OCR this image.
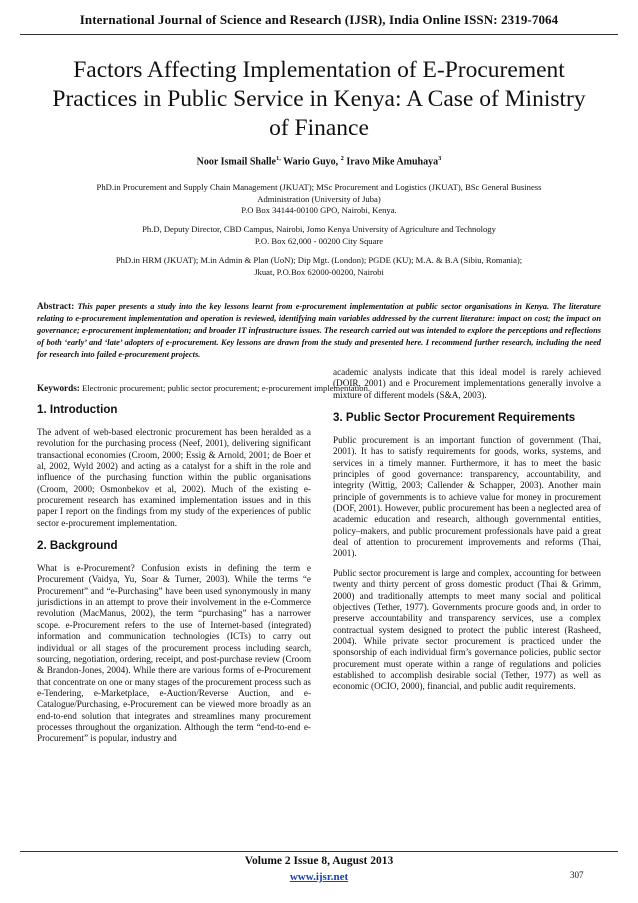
International Journal of Science and Research (IJSR), India Online ISSN: 2319-7064
Factors Affecting Implementation of E-Procurement Practices in Public Service in Kenya: A Case of Ministry of Finance
Noor Ismail Shalle$^{1,}$ Wario Guyo, $^2$ Iravo Mike Amuhaya$^3$
PhD.in Procurement and Supply Chain Management (JKUAT); MSc Procurement and Logistics (JKUAT), BSc General Business
Administration (University of Juba)
P.O Box 34144-00100 GPO, Nairobi, Kenya.
Ph.D, Deputy Director, CBD Campus, Nairobi, Jomo Kenya University of Agriculture and Technology
P.O. Box 62,000 - 00200 City Square
PhD.in HRM (JKUAT); M.in Admin & Plan (UoN); Dip Mgt. (London); PGDE (KU); M.A. & B.A (Sibiu, Romania);
Jkuat, P.O.Box 62000-00200, Nairobi
Abstract: This paper presents a study into the key lessons learnt from e-procurement implementation at public sector organisations in Kenya. The literature relating to e-procurement implementation and operation is reviewed, identifying main variables addressed by the current literature: impact on cost; the impact on governance; e-procurement implementation; and broader IT infrastructure issues. The research carried out was intended to explore the perceptions and reflections of both ‘early’ and ‘late’ adopters of e-procurement. Key lessons are drawn from the study and presented here. I recommend further research, including the need for research into failed e-procurement projects.
Keywords: Electronic procurement; public sector procurement; e-procurement implementation.
1. Introduction

The advent of web-based electronic procurement has been heralded as a revolution for the purchasing process (Neef, 2001), delivering significant transactional economies (Croom, 2000; Essig & Arnold, 2001; de Boer et al, 2002, Wyld 2002) and acting as a catalyst for a shift in the role and influence of the purchasing function within the public organisations (Croom, 2000; Osmonbekov et al, 2002). Much of the existing e-procurement research has examined implementation issues and in this paper I report on the findings from my study of the experiences of public sector e-procurement implementation.

2. Background

What is e-Procurement? Confusion exists in defining the term e Procurement (Vaidya, Yu, Soar & Turner, 2003). While the terms “e Procurement” and “e-Purchasing” have been used synonymously in many jurisdictions in an attempt to prove their involvement in the e-Commerce revolution (MacManus, 2002), the term “purchasing” has a narrower scope. e-Procurement refers to the use of Internet-based (integrated) information and communication technologies (ICTs) to carry out individual or all stages of the procurement process including search, sourcing, negotiation, ordering, receipt, and post-purchase review (Croom & Brandon-Jones, 2004). While there are various forms of e-Procurement that concentrate on one or many stages of the procurement process such as e-Tendering, e-Marketplace, e-Auction/Reverse Auction, and e-Catalogue/Purchasing, e-Procurement can be viewed more broadly as an end-to-end solution that integrates and streamlines many procurement processes throughout the organization. Although the term “end-to-end e-Procurement” is popular, industry and

academic analysts indicate that this ideal model is rarely achieved (DOIR, 2001) and e Procurement implementations generally involve a mixture of different models (S&A, 2003).

3. Public Sector Procurement Requirements

Public procurement is an important function of government (Thai, 2001). It has to satisfy requirements for goods, works, systems, and services in a timely manner. Furthermore, it has to meet the basic principles of good governance: transparency, accountability, and integrity (Wittig, 2003; Callender & Schapper, 2003). Another main principle of governments is to achieve value for money in procurement (DOF, 2001). However, public procurement has been a neglected area of academic education and research, although governmental entities, policy–makers, and public procurement professionals have paid a great deal of attention to procurement improvements and reforms (Thai, 2001).

Public sector procurement is large and complex, accounting for between twenty and thirty percent of gross domestic product (Thai & Grimm, 2000) and traditionally attempts to meet many social and political objectives (Tether, 1977). Governments procure goods and, in order to preserve accountability and transparency services, use a complex contractual system designed to protect the public interest (Rasheed, 2004). While private sector procurement is practiced under the sponsorship of each individual firm’s governance policies, public sector procurement must operate within a range of regulations and policies established to accomplish desirable social (Tether, 1977) as well as economic (OCIO, 2000), financial, and public audit requirements.

Volume 2 Issue 8, August 2013
www.ijsr.net	307
